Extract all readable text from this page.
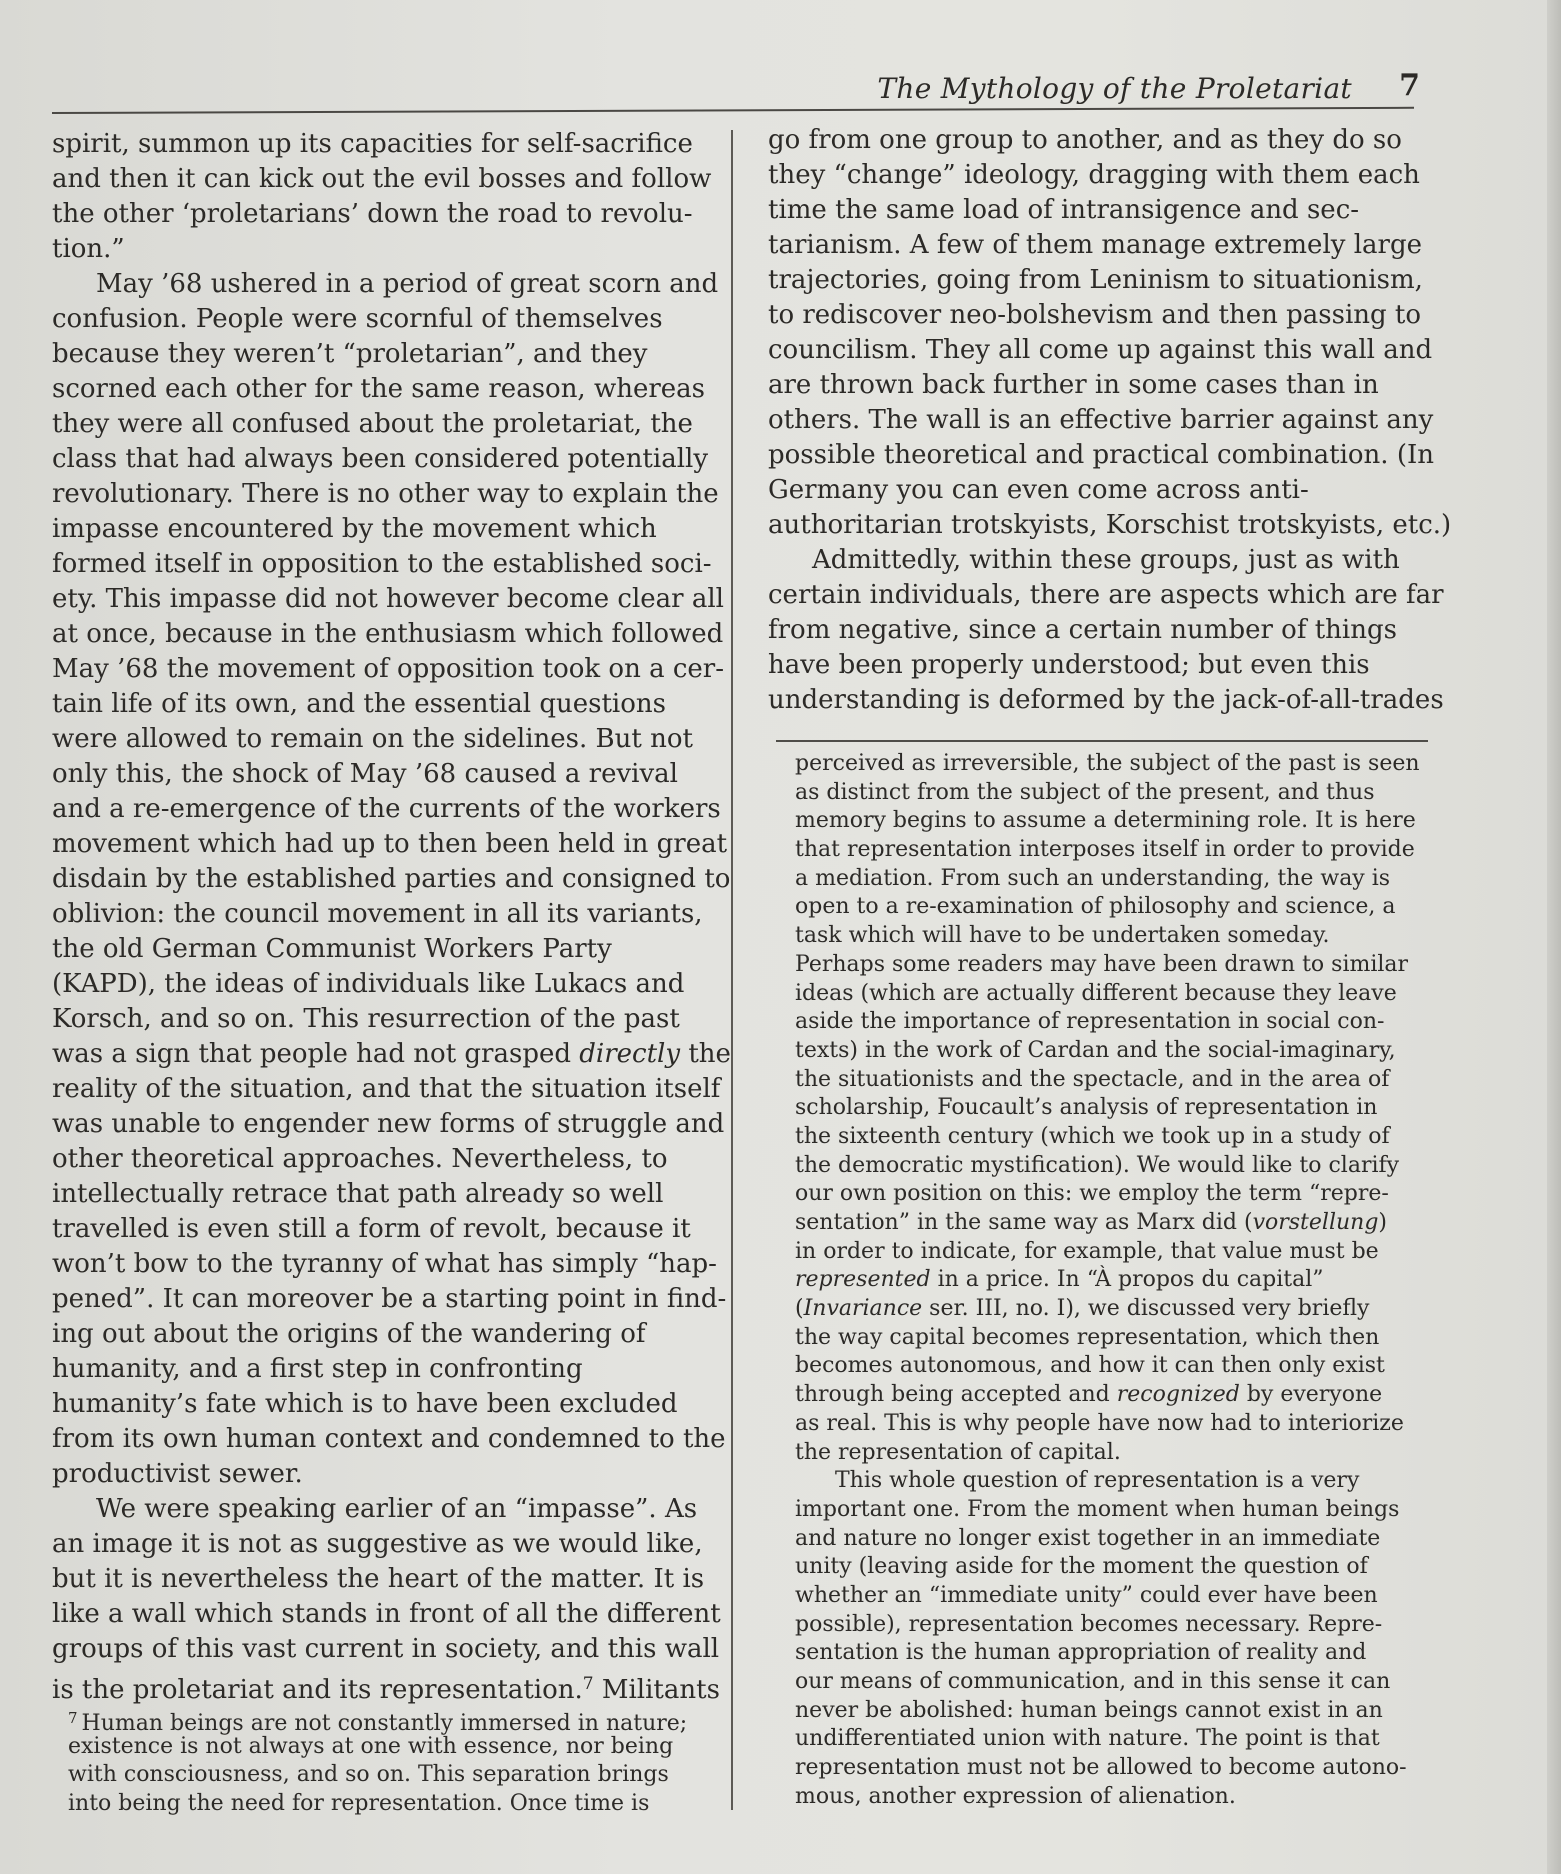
The Mythology of the Proletariat 7
spirit, summon up its capacities for self-sacrifice
and then it can kick out the evil bosses and follow
the other ‘proletarians’ down the road to revolu-
tion.”
May ’68 ushered in a period of great scorn and
confusion. People were scornful of themselves
because they weren’t “proletarian”, and they
scorned each other for the same reason, whereas
they were all confused about the proletariat, the
class that had always been considered potentially
revolutionary. There is no other way to explain the
impasse encountered by the movement which
formed itself in opposition to the established soci-
ety. This impasse did not however become clear all
at once, because in the enthusiasm which followed
May ’68 the movement of opposition took on a cer-
tain life of its own, and the essential questions
were allowed to remain on the sidelines. But not
only this, the shock of May ’68 caused a revival
and a re-emergence of the currents of the workers
movement which had up to then been held in great
disdain by the established parties and consigned to
oblivion: the council movement in all its variants,
the old German Communist Workers Party
(KAPD), the ideas of individuals like Lukacs and
Korsch, and so on. This resurrection of the past
was a sign that people had not grasped directly the
reality of the situation, and that the situation itself
was unable to engender new forms of struggle and
other theoretical approaches. Nevertheless, to
intellectually retrace that path already so well
travelled is even still a form of revolt, because it
won’t bow to the tyranny of what has simply “hap-
pened”. It can moreover be a starting point in find-
ing out about the origins of the wandering of
humanity, and a first step in confronting
humanity’s fate which is to have been excluded
from its own human context and condemned to the
productivist sewer.
We were speaking earlier of an “impasse”. As
an image it is not as suggestive as we would like,
but it is nevertheless the heart of the matter. It is
like a wall which stands in front of all the different
groups of this vast current in society, and this wall
is the proletariat and its representation.$^7$ Militants
$^7$ Human beings are not constantly immersed in nature;
existence is not always at one with essence, nor being
with consciousness, and so on. This separation brings
into being the need for representation. Once time is
go from one group to another, and as they do so
they “change” ideology, dragging with them each
time the same load of intransigence and sec-
tarianism. A few of them manage extremely large
trajectories, going from Leninism to situationism,
to rediscover neo-bolshevism and then passing to
councilism. They all come up against this wall and
are thrown back further in some cases than in
others. The wall is an effective barrier against any
possible theoretical and practical combination. (In
Germany you can even come across anti-
authoritarian trotskyists, Korschist trotskyists, etc.)
Admittedly, within these groups, just as with
certain individuals, there are aspects which are far
from negative, since a certain number of things
have been properly understood; but even this
understanding is deformed by the jack-of-all-trades
perceived as irreversible, the subject of the past is seen
as distinct from the subject of the present, and thus
memory begins to assume a determining role. It is here
that representation interposes itself in order to provide
a mediation. From such an understanding, the way is
open to a re-examination of philosophy and science, a
task which will have to be undertaken someday.
Perhaps some readers may have been drawn to similar
ideas (which are actually different because they leave
aside the importance of representation in social con-
texts) in the work of Cardan and the social-imaginary,
the situationists and the spectacle, and in the area of
scholarship, Foucault’s analysis of representation in
the sixteenth century (which we took up in a study of
the democratic mystification). We would like to clarify
our own position on this: we employ the term “repre-
sentation” in the same way as Marx did (vorstellung)
in order to indicate, for example, that value must be
represented in a price. In “À propos du capital”
(Invariance ser. III, no. I), we discussed very briefly
the way capital becomes representation, which then
becomes autonomous, and how it can then only exist
through being accepted and recognized by everyone
as real. This is why people have now had to interiorize
the representation of capital.
This whole question of representation is a very
important one. From the moment when human beings
and nature no longer exist together in an immediate
unity (leaving aside for the moment the question of
whether an “immediate unity” could ever have been
possible), representation becomes necessary. Repre-
sentation is the human appropriation of reality and
our means of communication, and in this sense it can
never be abolished: human beings cannot exist in an
undifferentiated union with nature. The point is that
representation must not be allowed to become autono-
mous, another expression of alienation.
